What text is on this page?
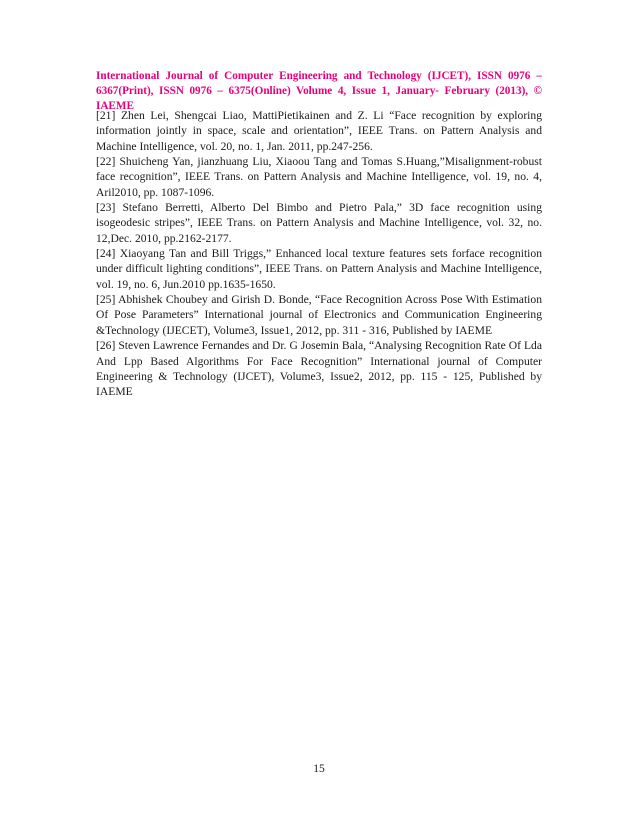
International Journal of Computer Engineering and Technology (IJCET), ISSN 0976 –
6367(Print), ISSN 0976 – 6375(Online) Volume 4, Issue 1, January- February (2013), © IAEME

[21] Zhen Lei, Shengcai Liao, MattiPietikainen and Z. Li “Face recognition by exploring information jointly in space, scale and orientation”, IEEE Trans. on Pattern Analysis and Machine Intelligence, vol. 20, no. 1, Jan. 2011, pp.247-256.

[22] Shuicheng Yan, jianzhuang Liu, Xiaoou Tang and Tomas S.Huang,”Misalignment-robust face recognition”, IEEE Trans. on Pattern Analysis and Machine Intelligence, vol. 19, no. 4, Aril2010, pp. 1087-1096.

[23] Stefano Berretti, Alberto Del Bimbo and Pietro Pala,” 3D face recognition using isogeodesic stripes”, IEEE Trans. on Pattern Analysis and Machine Intelligence, vol. 32, no. 12,Dec. 2010, pp.2162-2177.

[24] Xiaoyang Tan and Bill Triggs,” Enhanced local texture features sets forface recognition under difficult lighting conditions”, IEEE Trans. on Pattern Analysis and Machine Intelligence, vol. 19, no. 6, Jun.2010 pp.1635-1650.

[25] Abhishek Choubey and Girish D. Bonde, “Face Recognition Across Pose With Estimation Of Pose Parameters” International journal of Electronics and Communication Engineering &Technology (IJECET), Volume3, Issue1, 2012, pp. 311 - 316, Published by IAEME

[26] Steven Lawrence Fernandes and Dr. G Josemin Bala, “Analysing Recognition Rate Of Lda And Lpp Based Algorithms For Face Recognition” International journal of Computer Engineering & Technology (IJCET), Volume3, Issue2, 2012, pp. 115 - 125, Published by IAEME

15
